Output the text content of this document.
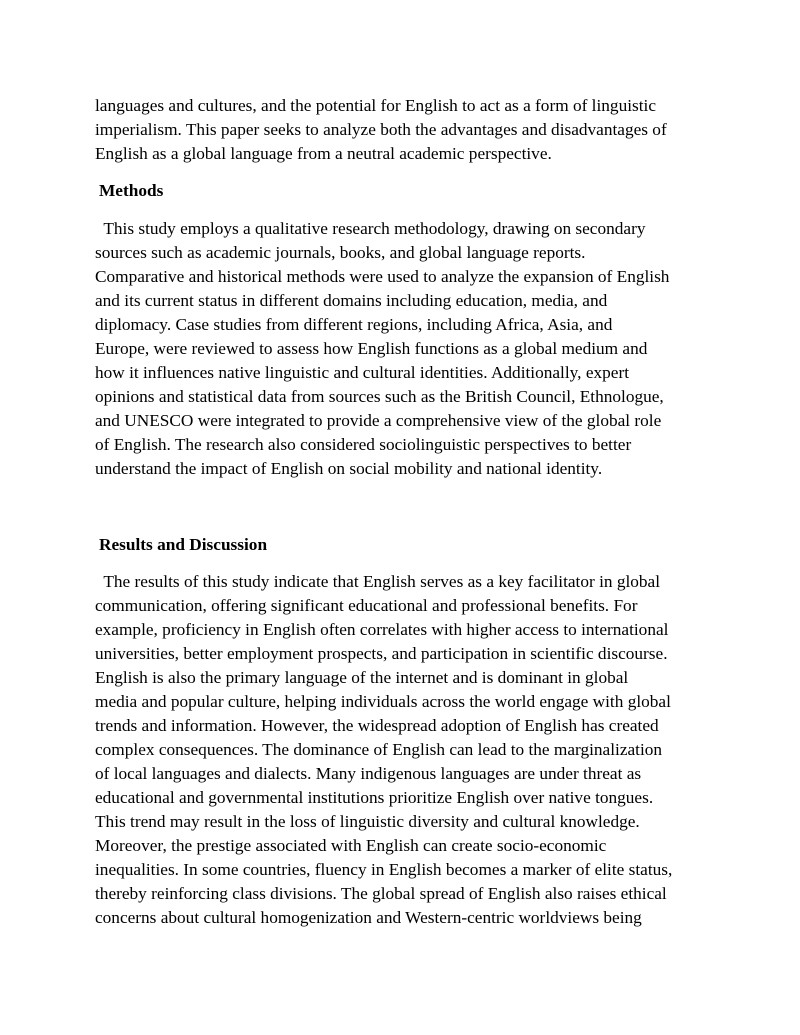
languages and cultures, and the potential for English to act as a form of linguistic
imperialism. This paper seeks to analyze both the advantages and disadvantages of
English as a global language from a neutral academic perspective.
Methods
This study employs a qualitative research methodology, drawing on secondary
sources such as academic journals, books, and global language reports.
Comparative and historical methods were used to analyze the expansion of English
and its current status in different domains including education, media, and
diplomacy. Case studies from different regions, including Africa, Asia, and
Europe, were reviewed to assess how English functions as a global medium and
how it influences native linguistic and cultural identities. Additionally, expert
opinions and statistical data from sources such as the British Council, Ethnologue,
and UNESCO were integrated to provide a comprehensive view of the global role
of English. The research also considered sociolinguistic perspectives to better
understand the impact of English on social mobility and national identity.
Results and Discussion
The results of this study indicate that English serves as a key facilitator in global
communication, offering significant educational and professional benefits. For
example, proficiency in English often correlates with higher access to international
universities, better employment prospects, and participation in scientific discourse.
English is also the primary language of the internet and is dominant in global
media and popular culture, helping individuals across the world engage with global
trends and information. However, the widespread adoption of English has created
complex consequences. The dominance of English can lead to the marginalization
of local languages and dialects. Many indigenous languages are under threat as
educational and governmental institutions prioritize English over native tongues.
This trend may result in the loss of linguistic diversity and cultural knowledge.
Moreover, the prestige associated with English can create socio-economic
inequalities. In some countries, fluency in English becomes a marker of elite status,
thereby reinforcing class divisions. The global spread of English also raises ethical
concerns about cultural homogenization and Western-centric worldviews being
